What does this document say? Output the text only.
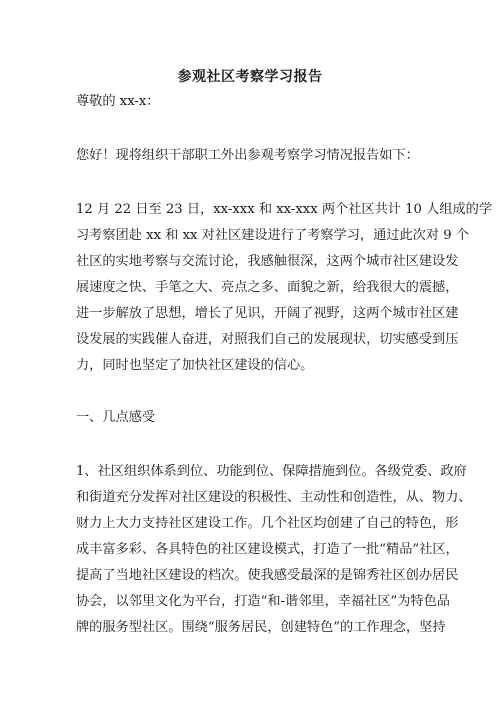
参观社区考察学习报告
尊敬的 xx-x：
您好！现将组织干部职工外出参观考察学习情况报告如下：
12 月 22 日至 23 日，xx-xxx 和 xx-xxx 两个社区共计 10 人组成的学
习考察团赴 xx 和 xx 对社区建设进行了考察学习，通过此次对 9 个
社区的实地考察与交流讨论，我感触很深，这两个城市社区建设发
展速度之快、手笔之大、亮点之多、面貌之新，给我很大的震撼，
进一步解放了思想，增长了见识，开阔了视野，这两个城市社区建
设发展的实践催人奋进，对照我们自己的发展现状，切实感受到压
力，同时也坚定了加快社区建设的信心。
一、几点感受
1、社区组织体系到位、功能到位、保障措施到位。各级党委、政府
和街道充分发挥对社区建设的积极性、主动性和创造性，从、物力、
财力上大力支持社区建设工作。几个社区均创建了自己的特色，形
成丰富多彩、各具特色的社区建设模式，打造了一批“精品”社区，
提高了当地社区建设的档次。使我感受最深的是锦秀社区创办居民
协会，以邻里文化为平台，打造“和-谐邻里，幸福社区”为特色品
牌的服务型社区。围绕“服务居民，创建特色”的工作理念，坚持
